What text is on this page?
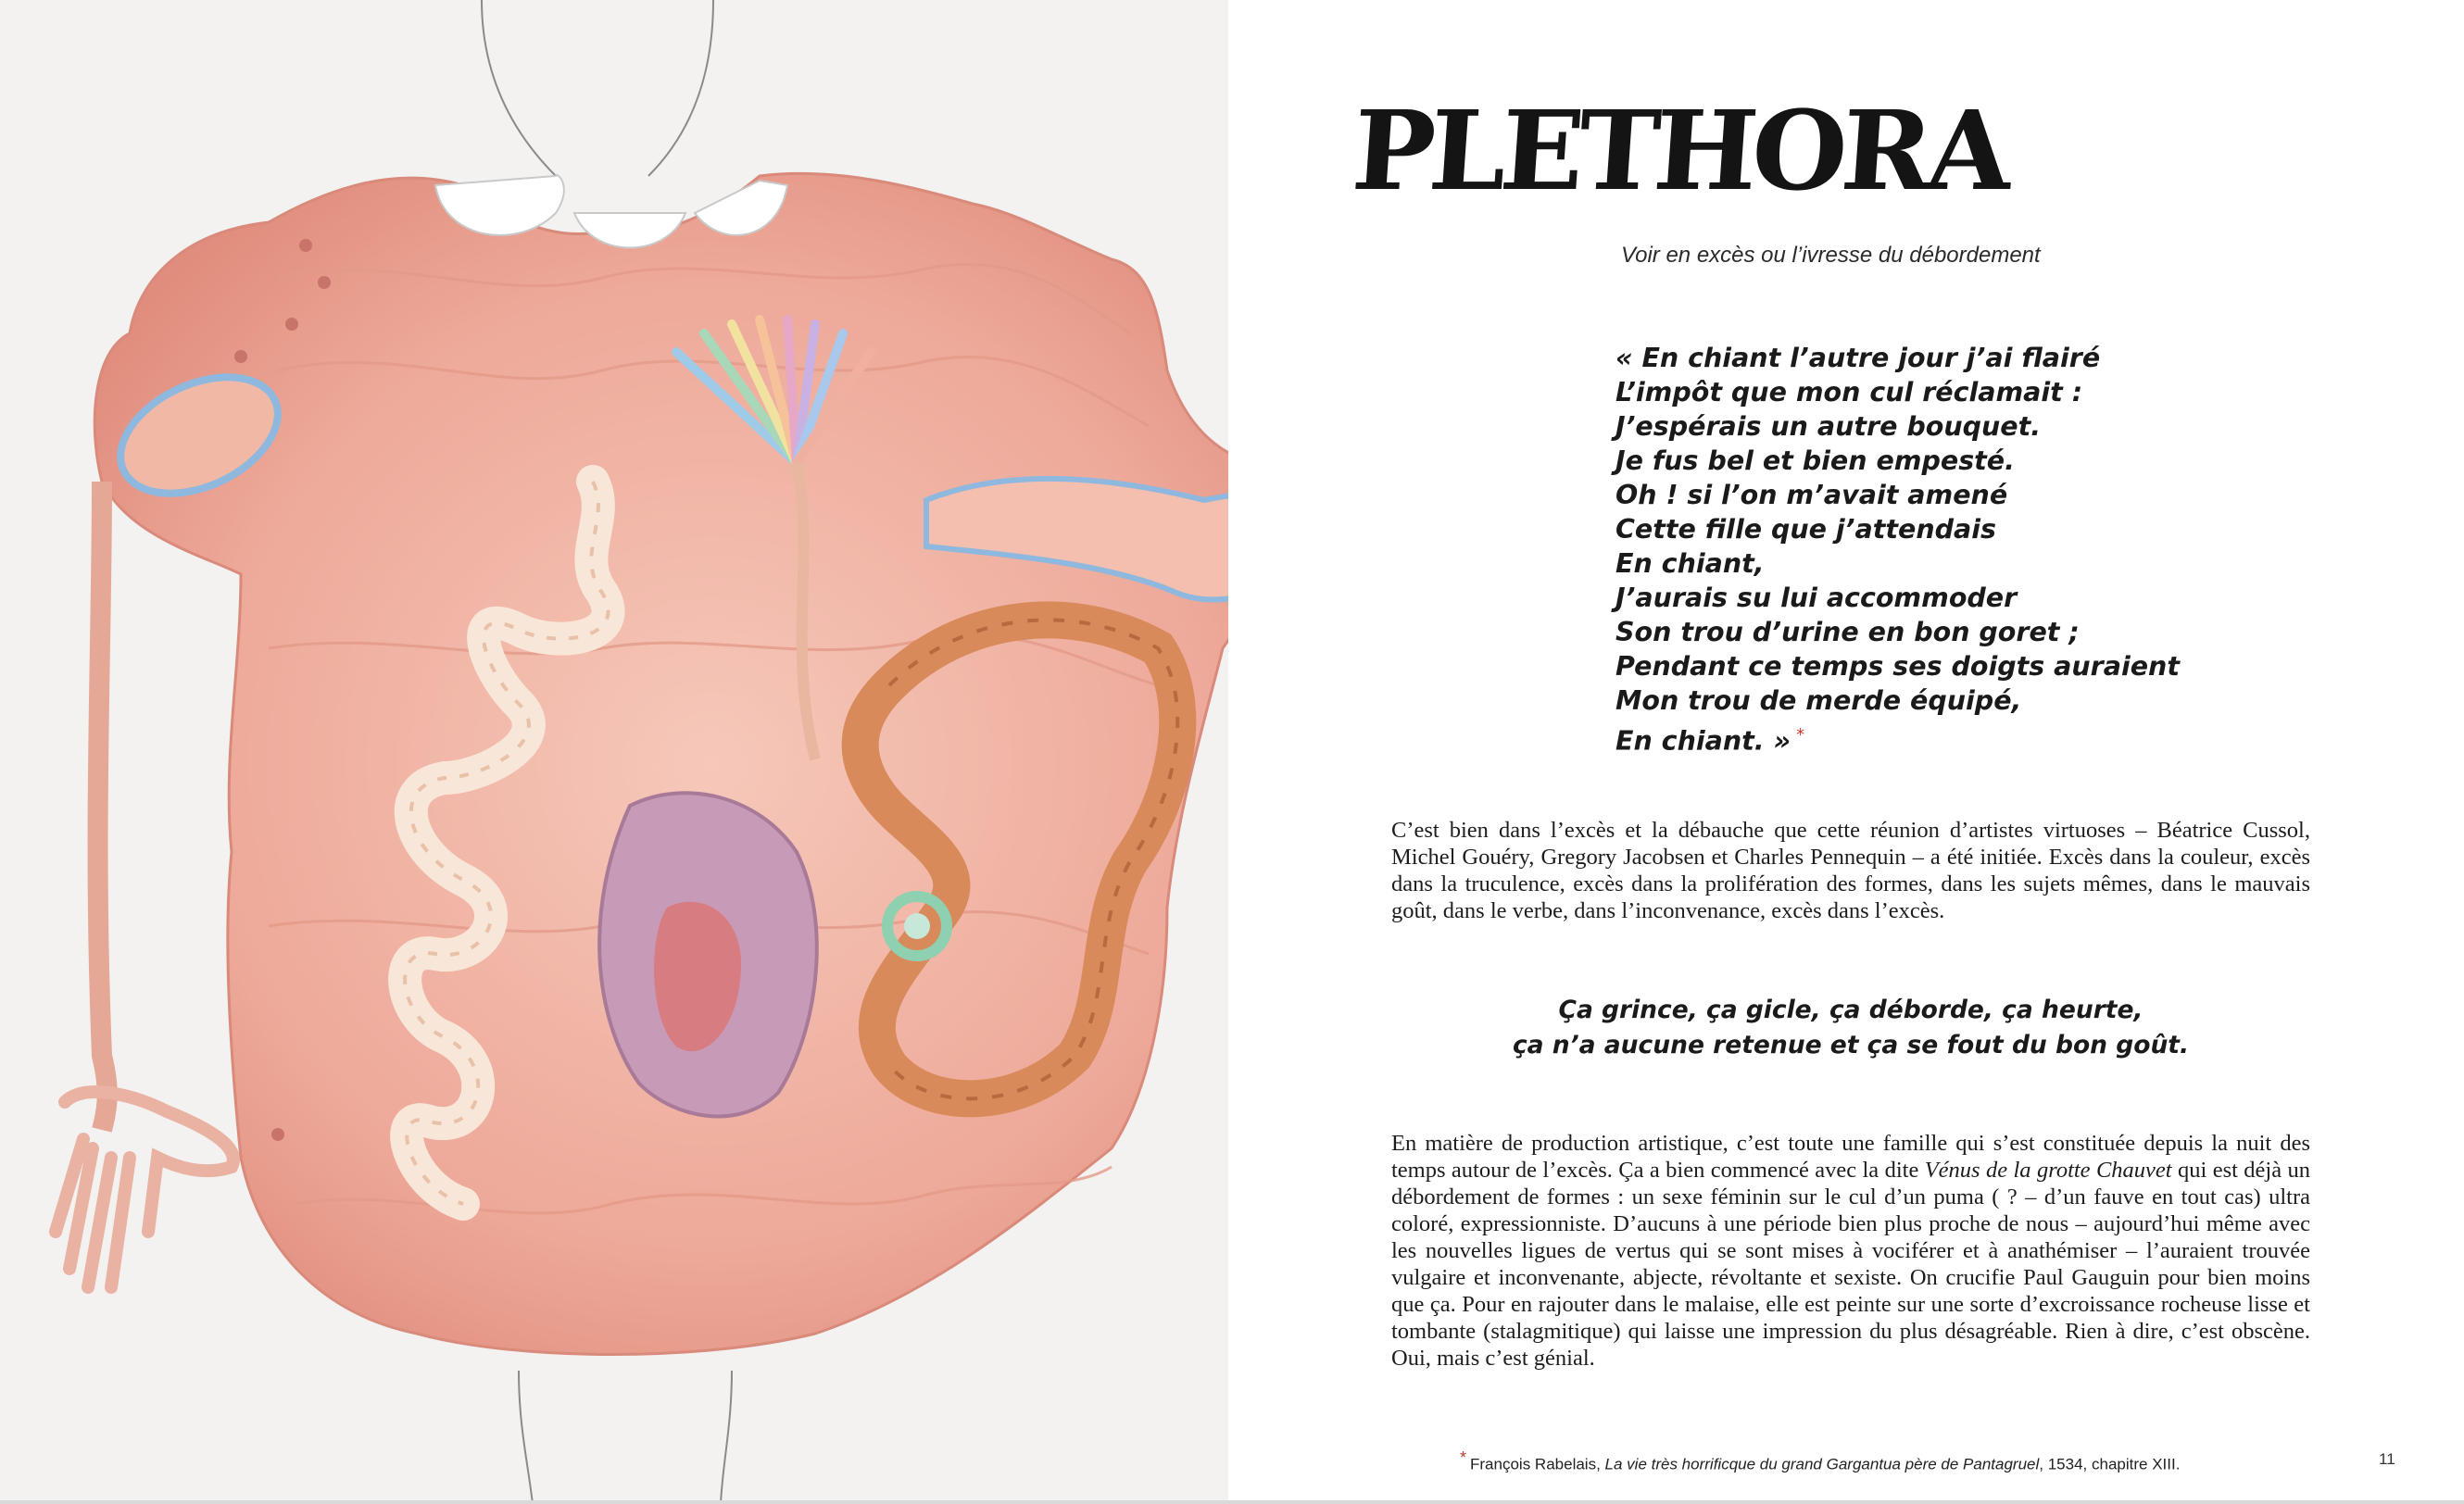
PLETHORA
Voir en excès ou l’ivresse du débordement
« En chiant l’autre jour j’ai flairé
L’impôt que mon cul réclamait :
J’espérais un autre bouquet.
Je fus bel et bien empesté.
Oh ! si l’on m’avait amené
Cette fille que j’attendais
En chiant,
J’aurais su lui accommoder
Son trou d’urine en bon goret ;
Pendant ce temps ses doigts auraient
Mon trou de merde équipé,
En chiant. » *

C’est bien dans l’excès et la débauche que cette réunion d’artistes virtuoses – Béatrice Cussol, Michel Gouéry, Gregory Jacobsen et Charles Pennequin – a été initiée. Excès dans la couleur, excès dans la truculence, excès dans la prolifération des formes, dans les sujets mêmes, dans le mauvais goût, dans le verbe, dans l’inconvenance, excès dans l’excès.

Ça grince, ça gicle, ça déborde, ça heurte,
ça n’a aucune retenue et ça se fout du bon goût.

En matière de production artistique, c’est toute une famille qui s’est constituée depuis la nuit des temps autour de l’excès. Ça a bien commencé avec la dite Vénus de la grotte Chauvet qui est déjà un débordement de formes : un sexe féminin sur le cul d’un puma ( ? – d’un fauve en tout cas) ultra coloré, expressionniste. D’aucuns à une période bien plus proche de nous – aujourd’hui même avec les nouvelles ligues de vertus qui se sont mises à vociférer et à anathémiser – l’auraient trouvée vulgaire et inconvenante, abjecte, révoltante et sexiste. On crucifie Paul Gauguin pour bien moins que ça. Pour en rajouter dans le malaise, elle est peinte sur une sorte d’excroissance rocheuse lisse et tombante (stalagmitique) qui laisse une impression du plus désagréable. Rien à dire, c’est obscène. Oui, mais c’est génial.

* François Rabelais, La vie très horrificque du grand Gargantua père de Pantagruel, 1534, chapitre XIII.	11
